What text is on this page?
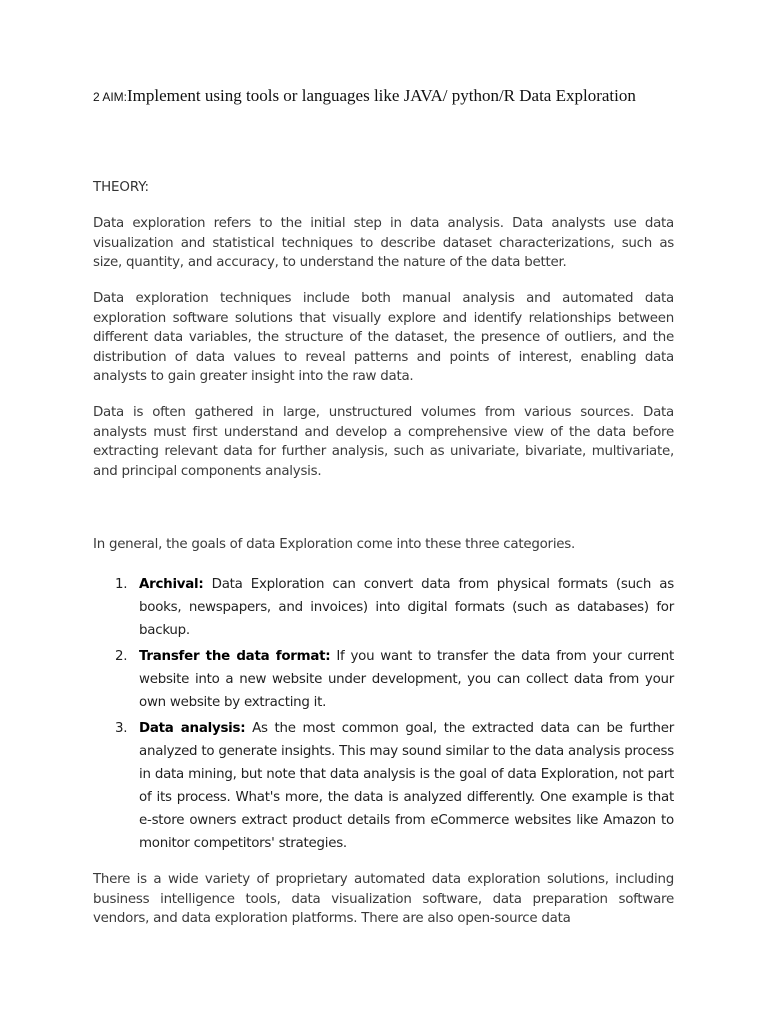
2 AIM:Implement using tools or languages like JAVA/ python/R Data Exploration
THEORY:

Data exploration refers to the initial step in data analysis. Data analysts use data visualization and statistical techniques to describe dataset characterizations, such as size, quantity, and accuracy, to understand the nature of the data better.

Data exploration techniques include both manual analysis and automated data exploration software solutions that visually explore and identify relationships between different data variables, the structure of the dataset, the presence of outliers, and the distribution of data values to reveal patterns and points of interest, enabling data analysts to gain greater insight into the raw data.

Data is often gathered in large, unstructured volumes from various sources. Data analysts must first understand and develop a comprehensive view of the data before extracting relevant data for further analysis, such as univariate, bivariate, multivariate, and principal components analysis.

In general, the goals of data Exploration come into these three categories.

1. Archival: Data Exploration can convert data from physical formats (such as books, newspapers, and invoices) into digital formats (such as databases) for backup.
2. Transfer the data format: If you want to transfer the data from your current website into a new website under development, you can collect data from your own website by extracting it.
3. Data analysis: As the most common goal, the extracted data can be further analyzed to generate insights. This may sound similar to the data analysis process in data mining, but note that data analysis is the goal of data Exploration, not part of its process. What's more, the data is analyzed differently. One example is that e-store owners extract product details from eCommerce websites like Amazon to monitor competitors' strategies.

There is a wide variety of proprietary automated data exploration solutions, including business intelligence tools, data visualization software, data preparation software vendors, and data exploration platforms. There are also open-source data
